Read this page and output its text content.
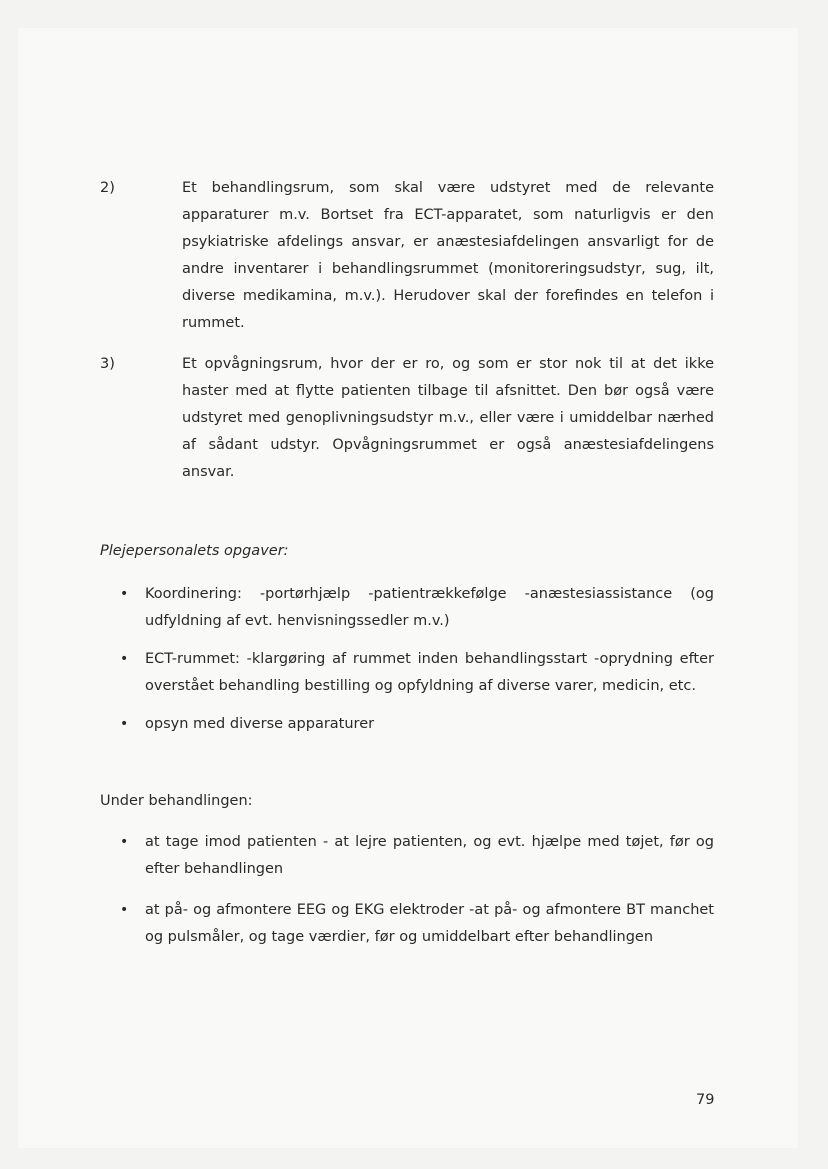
2)	Et behandlingsrum, som skal være udstyret med de relevante apparaturer m.v. Bortset fra ECT-apparatet, som naturligvis er den psykiatriske afdelings ansvar, er anæstesiafdelingen ansvarligt for de andre inventarer i behandlingsrummet (monitoreringsudstyr, sug, ilt, diverse medikamina, m.v.). Herudover skal der forefindes en telefon i rummet.
3)	Et opvågningsrum, hvor der er ro, og som er stor nok til at det ikke haster med at flytte patienten tilbage til afsnittet. Den bør også være udstyret med genoplivningsudstyr m.v., eller være i umiddelbar nærhed af sådant udstyr. Opvågningsrummet er også anæstesiafdelingens ansvar.
Plejepersonalets opgaver:
• Koordinering: -portørhjælp -patientrækkefølge -anæstesiassistance (og udfyldning af evt. henvisningssedler m.v.)
• ECT-rummet: -klargøring af rummet inden behandlingsstart -oprydning efter overstået behandling bestilling og opfyldning af diverse varer, medicin, etc.
• opsyn med diverse apparaturer
Under behandlingen:
• at tage imod patienten - at lejre patienten, og evt. hjælpe med tøjet, før og efter behandlingen
• at på- og afmontere EEG og EKG elektroder -at på- og afmontere BT manchet og pulsmåler, og tage værdier, før og umiddelbart efter behandlingen
79
